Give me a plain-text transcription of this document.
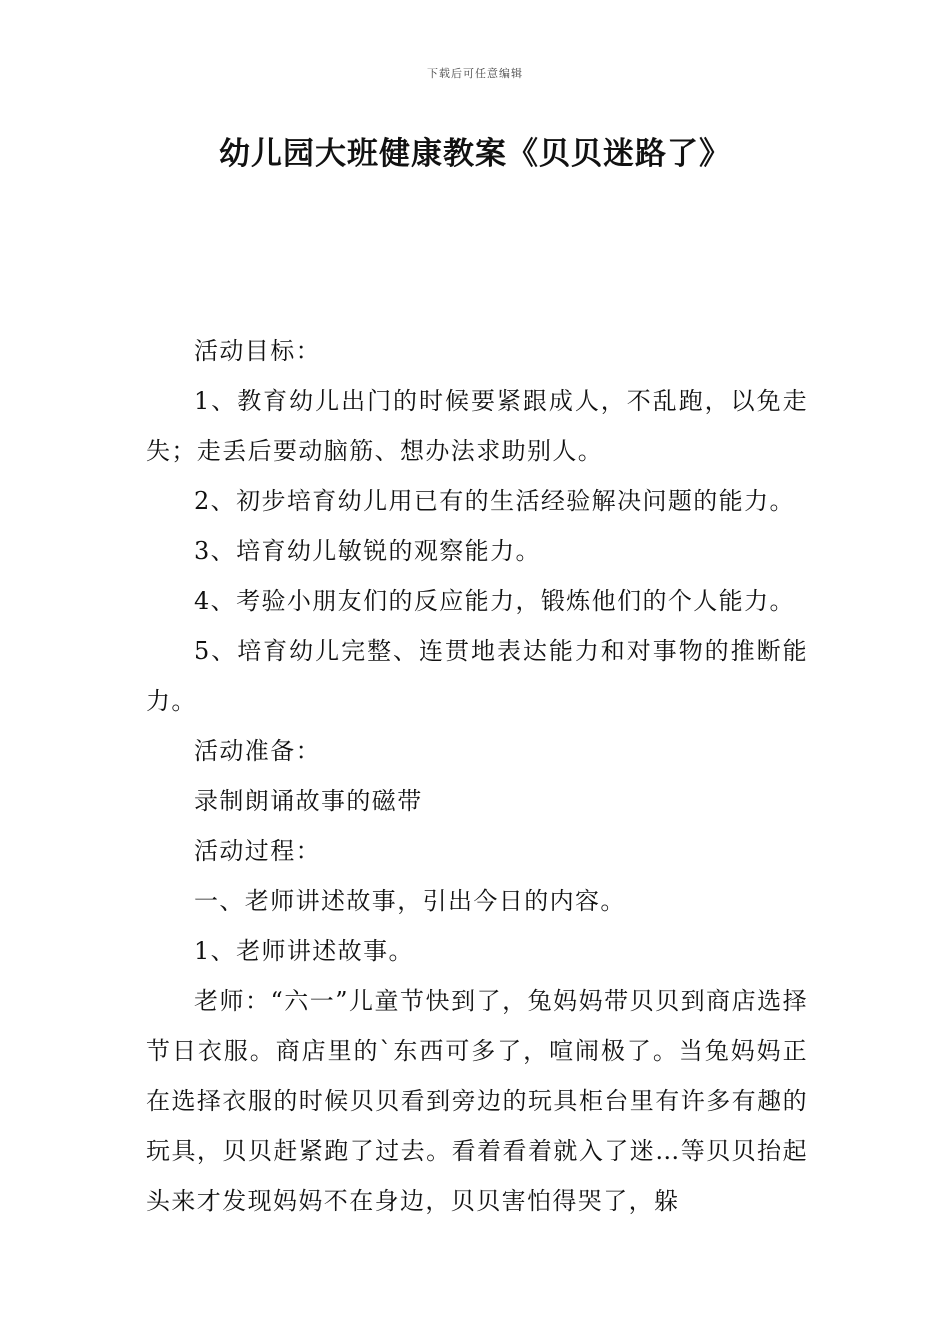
下载后可任意编辑
幼儿园大班健康教案《贝贝迷路了》

活动目标：

1、教育幼儿出门的时候要紧跟成人，不乱跑，以免走失；走丢后要动脑筋、想办法求助别人。

2、初步培育幼儿用已有的生活经验解决问题的能力。

3、培育幼儿敏锐的观察能力。

4、考验小朋友们的反应能力，锻炼他们的个人能力。

5、培育幼儿完整、连贯地表达能力和对事物的推断能力。

活动准备：

录制朗诵故事的磁带

活动过程：

一、老师讲述故事，引出今日的内容。

1、老师讲述故事。

老师：“六一”儿童节快到了，兔妈妈带贝贝到商店选择节日衣服。商店里的`东西可多了，喧闹极了。当兔妈妈正在选择衣服的时候贝贝看到旁边的玩具柜台里有许多有趣的玩具，贝贝赶紧跑了过去。看着看着就入了迷…等贝贝抬起头来才发现妈妈不在身边，贝贝害怕得哭了，躲
